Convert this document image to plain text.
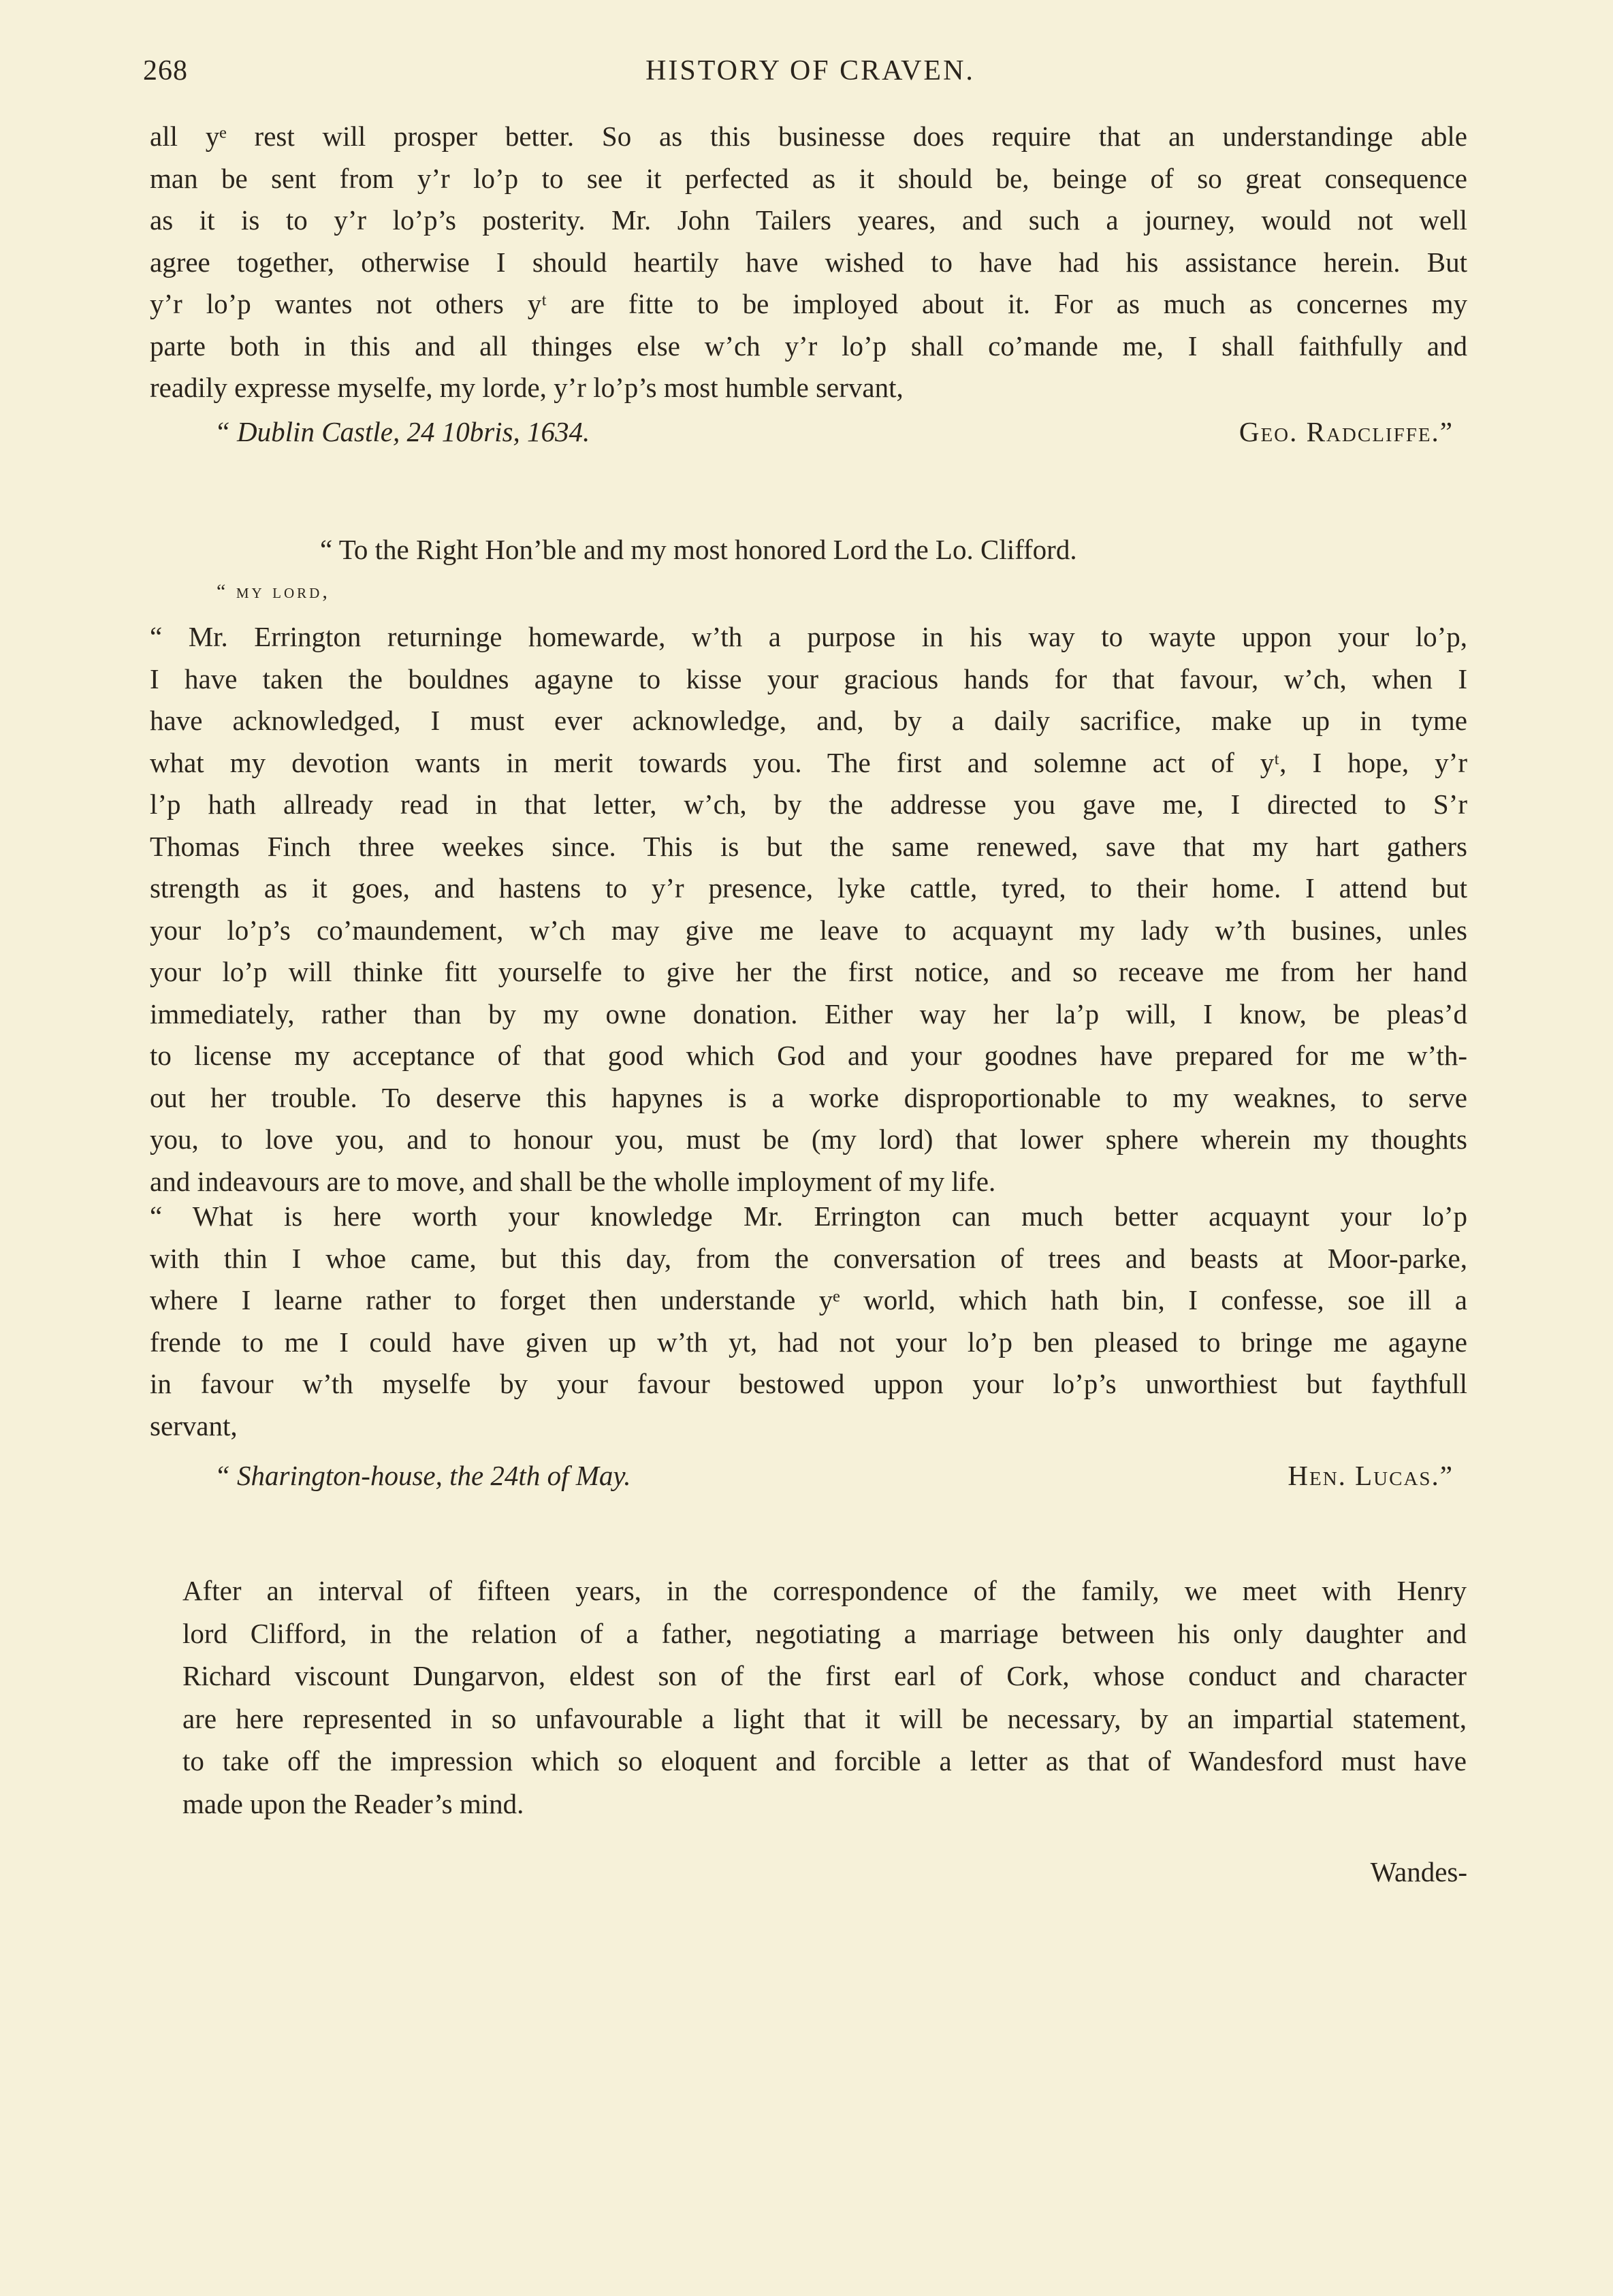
268	HISTORY OF CRAVEN.

all yᵉ rest will prosper better. So as this businesse does require that an understandinge able
man be sent from y’r lo’p to see it perfected as it should be, beinge of so great consequence
as it is to y’r lo’p’s posterity. Mr. John Tailers yeares, and such a journey, would not well
agree together, otherwise I should heartily have wished to have had his assistance herein. But
y’r lo’p wantes not others yᵗ are fitte to be imployed about it. For as much as concernes my
parte both in this and all thinges else w’ch y’r lo’p shall co’mande me, I shall faithfully and
readily expresse myselfe, my lorde, y’r lo’p’s most humble servant,

“ Dublin Castle, 24 10bris, 1634.	Geo. Radcliffe.”
“ To the Right Hon’ble and my most honored Lord the Lo. Clifford.
“ my lord,

“ Mr. Errington returninge homewarde, w’th a purpose in his way to wayte uppon your lo’p,
I have taken the bouldnes agayne to kisse your gracious hands for that favour, w’ch, when I
have acknowledged, I must ever acknowledge, and, by a daily sacrifice, make up in tyme
what my devotion wants in merit towards you. The first and solemne act of yᵗ, I hope, y’r
l’p hath allready read in that letter, w’ch, by the addresse you gave me, I directed to S’r
Thomas Finch three weekes since. This is but the same renewed, save that my hart gathers
strength as it goes, and hastens to y’r presence, lyke cattle, tyred, to their home. I attend but
your lo’p’s co’maundement, w’ch may give me leave to acquaynt my lady w’th busines, unles
your lo’p will thinke fitt yourselfe to give her the first notice, and so receave me from her hand
immediately, rather than by my owne donation. Either way her la’p will, I know, be pleas’d
to license my acceptance of that good which God and your goodnes have prepared for me w’th-
out her trouble. To deserve this hapynes is a worke disproportionable to my weaknes, to serve
you, to love you, and to honour you, must be (my lord) that lower sphere wherein my thoughts
and indeavours are to move, and shall be the wholle imployment of my life.

“ What is here worth your knowledge Mr. Errington can much better acquaynt your lo’p
with thin I whoe came, but this day, from the conversation of trees and beasts at Moor-parke,
where I learne rather to forget then understande yᵉ world, which hath bin, I confesse, soe ill a
frende to me I could have given up w’th yt, had not your lo’p ben pleased to bringe me agayne
in favour w’th myselfe by your favour bestowed uppon your lo’p’s unworthiest but faythfull
servant,

“ Sharington-house, the 24th of May.	Hen. Lucas.”
After an interval of fifteen years, in the correspondence of the family, we meet with Henry
lord Clifford, in the relation of a father, negotiating a marriage between his only daughter and
Richard viscount Dungarvon, eldest son of the first earl of Cork, whose conduct and character
are here represented in so unfavourable a light that it will be necessary, by an impartial statement,
to take off the impression which so eloquent and forcible a letter as that of Wandesford must have
made upon the Reader’s mind.
Wandes-
